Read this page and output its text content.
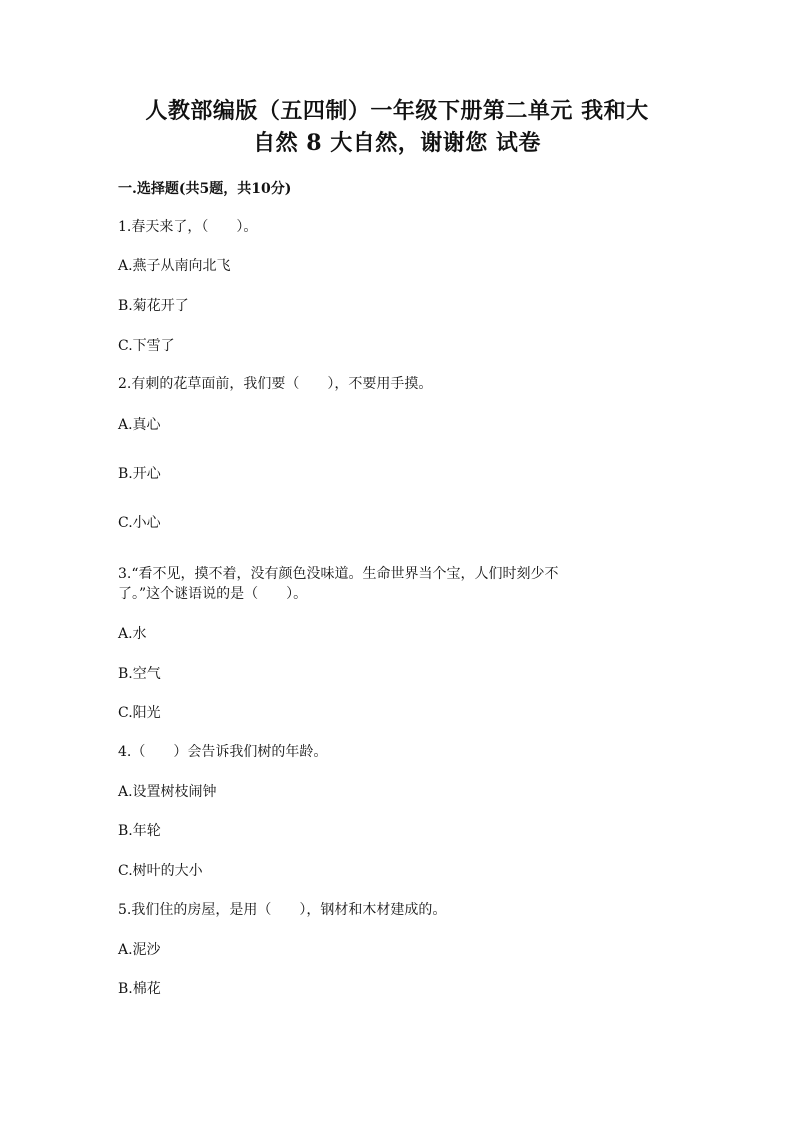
人教部编版（五四制）一年级下册第二单元 我和大
自然 8 大自然，谢谢您 试卷
一.选择题(共5题，共10分)
1.春天来了，（　　）。
A.燕子从南向北飞
B.菊花开了
C.下雪了
2.有刺的花草面前，我们要（　　），不要用手摸。
A.真心
B.开心
C.小心
3.“看不见，摸不着，没有颜色没味道。生命世界当个宝，人们时刻少不
了。”这个谜语说的是（　　）。
A.水
B.空气
C.阳光
4.（　　）会告诉我们树的年龄。
A.设置树枝闹钟
B.年轮
C.树叶的大小
5.我们住的房屋，是用（　　），钢材和木材建成的。
A.泥沙
B.棉花
